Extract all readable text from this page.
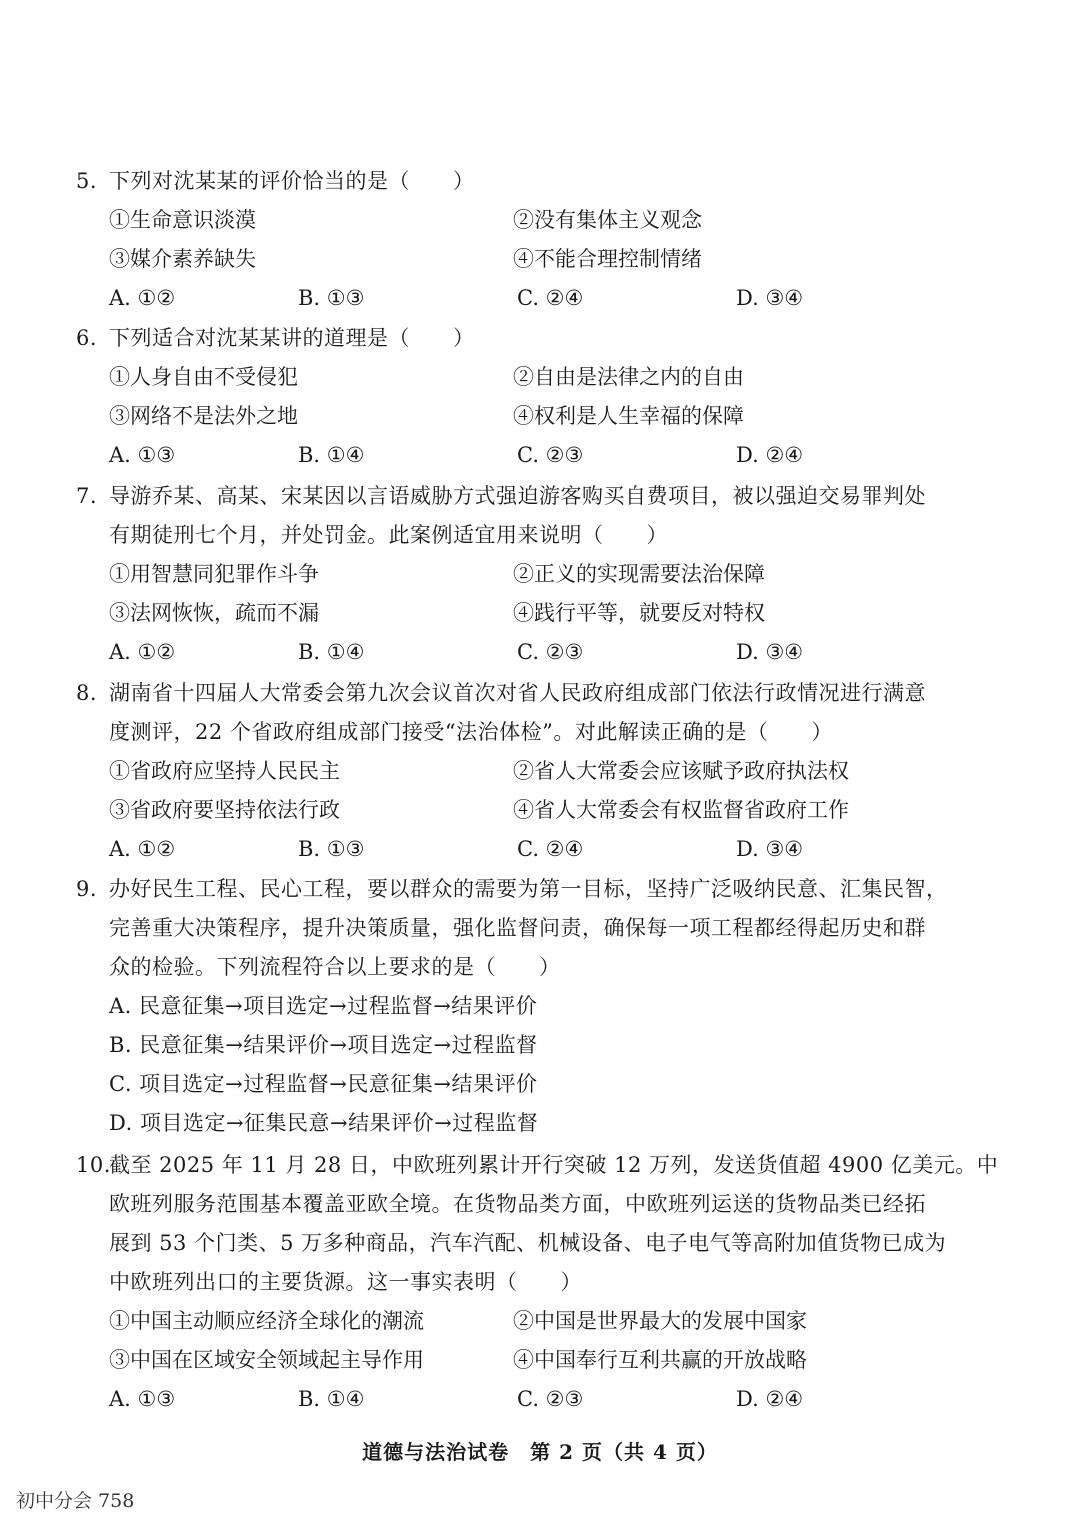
5. 下列对沈某某的评价恰当的是（　　）
①生命意识淡漠	②没有集体主义观念
③媒介素养缺失	④不能合理控制情绪
A. ①②	B. ①③	C. ②④	D. ③④
6. 下列适合对沈某某讲的道理是（　　）
①人身自由不受侵犯	②自由是法律之内的自由
③网络不是法外之地	④权利是人生幸福的保障
A. ①③	B. ①④	C. ②③	D. ②④
7. 导游乔某、高某、宋某因以言语威胁方式强迫游客购买自费项目，被以强迫交易罪判处
有期徒刑七个月，并处罚金。此案例适宜用来说明（　　）
①用智慧同犯罪作斗争	②正义的实现需要法治保障
③法网恢恢，疏而不漏	④践行平等，就要反对特权
A. ①②	B. ①④	C. ②③	D. ③④
8. 湖南省十四届人大常委会第九次会议首次对省人民政府组成部门依法行政情况进行满意
度测评，22 个省政府组成部门接受“法治体检”。对此解读正确的是（　　）
①省政府应坚持人民民主	②省人大常委会应该赋予政府执法权
③省政府要坚持依法行政	④省人大常委会有权监督省政府工作
A. ①②	B. ①③	C. ②④	D. ③④
9. 办好民生工程、民心工程，要以群众的需要为第一目标，坚持广泛吸纳民意、汇集民智，
完善重大决策程序，提升决策质量，强化监督问责，确保每一项工程都经得起历史和群
众的检验。下列流程符合以上要求的是（　　）
A. 民意征集→项目选定→过程监督→结果评价
B. 民意征集→结果评价→项目选定→过程监督
C. 项目选定→过程监督→民意征集→结果评价
D. 项目选定→征集民意→结果评价→过程监督
10.
截至 2025 年 11 月 28 日，中欧班列累计开行突破 12 万列，发送货值超 4900 亿美元。中
欧班列服务范围基本覆盖亚欧全境。在货物品类方面，中欧班列运送的货物品类已经拓
展到 53 个门类、5 万多种商品，汽车汽配、机械设备、电子电气等高附加值货物已成为
中欧班列出口的主要货源。这一事实表明（　　）
①中国主动顺应经济全球化的潮流	②中国是世界最大的发展中国家
③中国在区域安全领域起主导作用	④中国奉行互利共赢的开放战略
A. ①③	B. ①④	C. ②③	D. ②④
道德与法治试卷　第 2 页（共 4 页）
初中分会 758
